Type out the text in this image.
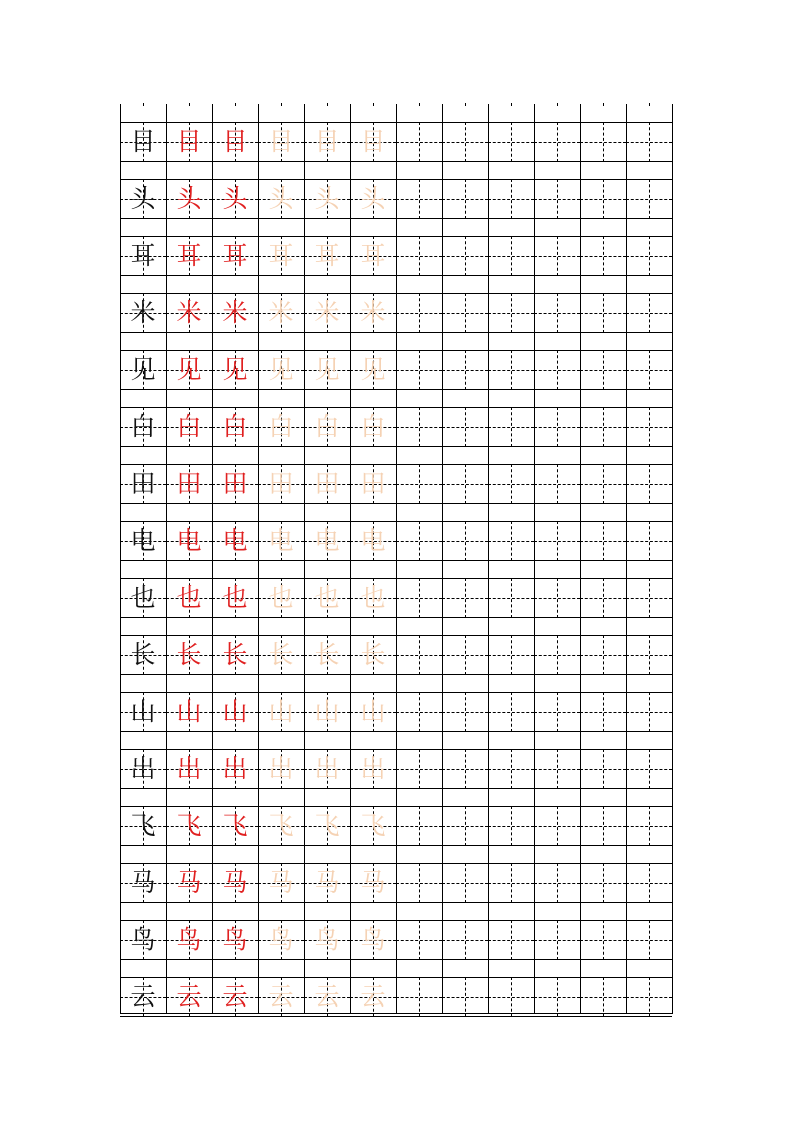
目 目 目 目 目 目
头 头 头 头 头 头
耳 耳 耳 耳 耳 耳
米 米 米 米 米 米
见 见 见 见 见 见
白 白 白 白 白 白
田 田 田 田 田 田
电 电 电 电 电 电
也 也 也 也 也 也
长 长 长 长 长 长
山 山 山 山 山 山
出 出 出 出 出 出
飞 飞 飞 飞 飞 飞
马 马 马 马 马 马
鸟 鸟 鸟 鸟 鸟 鸟
云 云 云 云 云 云
